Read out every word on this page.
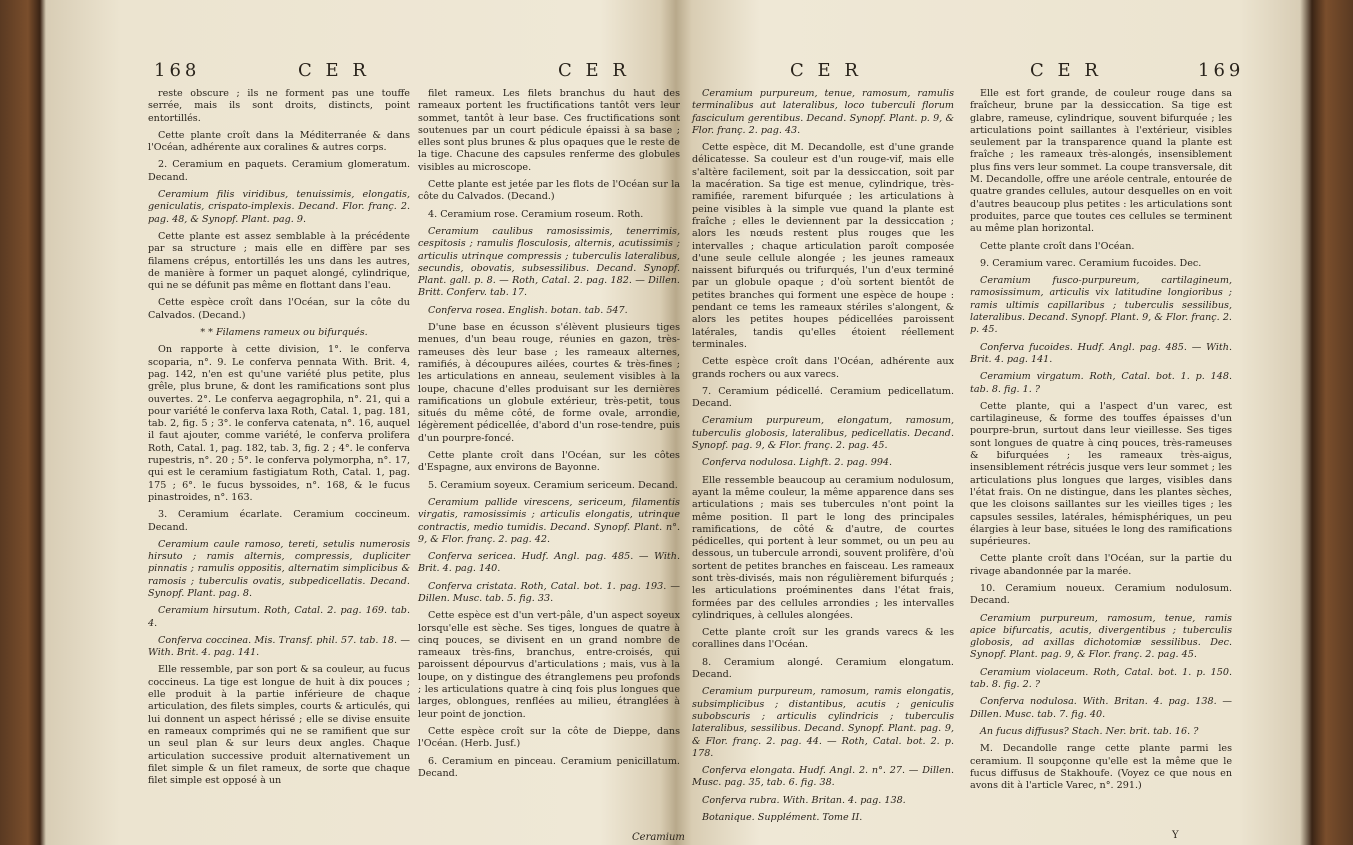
168	C E R	C E R

reste obscure ; ils ne forment pas une touffe serrée, mais ils sont droits, distincts, point entortillés.

Cette plante croît dans la Méditerranée & dans l'Océan, adhérente aux coralines & autres corps.

2. Ceramium en paquets. Ceramium glomeratum. Decand.

Ceramium filis viridibus, tenuissimis, elongatis, geniculatis, crispato-implexis. Decand. Flor. franç. 2. pag. 48, & Synopf. Plant. pag. 9.

Cette plante est assez semblable à la précédente par sa structure ; mais elle en diffère par ses filamens crépus, entortillés les uns dans les autres, de manière à former un paquet alongé, cylindrique, qui ne se défunit pas même en flottant dans l'eau.

Cette espèce croît dans l'Océan, sur la côte du Calvados. (Decand.)

* * Filamens rameux ou bifurqués.

On rapporte à cette division, 1°. le conferva scoparia, n°. 9. Le conferva pennata With. Brit. 4, pag. 142, n'en est qu'une variété plus petite, plus grêle, plus brune, & dont les ramifications sont plus ouvertes. 2°. Le conferva aegagrophila, n°. 21, qui a pour variété le conferva laxa Roth, Catal. 1, pag. 181, tab. 2, fig. 5 ; 3°. le conferva catenata, n°. 16, auquel il faut ajouter, comme variété, le conferva prolifera Roth, Catal. 1, pag. 182, tab. 3, fig. 2 ; 4°. le conferva rupestris, n°. 20 ; 5°. le conferva polymorpha, n°. 17, qui est le ceramium fastigiatum Roth, Catal. 1, pag. 175 ; 6°. le fucus byssoides, n°. 168, & le fucus pinastroides, n°. 163.

3. Ceramium écarlate. Ceramium coccineum. Decand.

Ceramium caule ramoso, tereti, setulis numerosis hirsuto ; ramis alternis, compressis, dupliciter pinnatis ; ramulis oppositis, alternatim simplicibus & ramosis ; tuberculis ovatis, subpedicellatis. Decand. Synopf. Plant. pag. 8.

Ceramium hirsutum. Roth, Catal. 2. pag. 169. tab. 4.

Conferva coccinea. Mis. Transf. phil. 57. tab. 18. — With. Brit. 4. pag. 141.

Elle ressemble, par son port & sa couleur, au fucus coccineus. La tige est longue de huit à dix pouces ; elle produit à la partie inférieure de chaque articulation, des filets simples, courts & articulés, qui lui donnent un aspect hérissé ; elle se divise ensuite en rameaux comprimés qui ne se ramifient que sur un seul plan & sur leurs deux angles. Chaque articulation successive produit alternativement un filet simple & un filet rameux, de sorte que chaque filet simple est opposé à un

filet rameux. Les filets branchus du haut des rameaux portent les fructifications tantôt vers leur sommet, tantôt à leur base. Ces fructifications sont soutenues par un court pédicule épaissi à sa base ; elles sont plus brunes & plus opaques que le reste de la tige. Chacune des capsules renferme des globules visibles au microscope.

Cette plante est jetée par les flots de l'Océan sur la côte du Calvados. (Decand.)

4. Ceramium rose. Ceramium roseum. Roth.

Ceramium caulibus ramosissimis, tenerrimis, cespitosis ; ramulis flosculosis, alternis, acutissimis ; articulis utrinque compressis ; tuberculis lateralibus, secundis, obovatis, subsessilibus. Decand. Synopf. Plant. gall. p. 8. — Roth, Catal. 2. pag. 182. — Dillen. Britt. Conferv. tab. 17.

Conferva rosea. English. botan. tab. 547.

D'une base en écusson s'élèvent plusieurs tiges menues, d'un beau rouge, réunies en gazon, très-rameuses dès leur base ; les rameaux alternes, ramifiés, à découpures ailées, courtes & très-fines ; les articulations en anneau, seulement visibles à la loupe, chacune d'elles produisant sur les dernières ramifications un globule extérieur, très-petit, tous situés du même côté, de forme ovale, arrondie, légèrement pédicellée, d'abord d'un rose-tendre, puis d'un pourpre-foncé.

Cette plante croît dans l'Océan, sur les côtes d'Espagne, aux environs de Bayonne.

5. Ceramium soyeux. Ceramium sericeum. Decand.

Ceramium pallide virescens, sericeum, filamentis virgatis, ramosissimis ; articulis elongatis, utrinque contractis, medio tumidis. Decand. Synopf. Plant. n°. 9, & Flor. franç. 2. pag. 42.

Conferva sericea. Hudf. Angl. pag. 485. — With. Brit. 4. pag. 140.

Conferva cristata. Roth, Catal. bot. 1. pag. 193. — Dillen. Musc. tab. 5. fig. 33.

Cette espèce est d'un vert-pâle, d'un aspect soyeux lorsqu'elle est sèche. Ses tiges, longues de quatre à cinq pouces, se divisent en un grand nombre de rameaux très-fins, branchus, entre-croisés, qui paroissent dépourvus d'articulations ; mais, vus à la loupe, on y distingue des étranglemens peu profonds ; les articulations quatre à cinq fois plus longues que larges, oblongues, renflées au milieu, étranglées à leur point de jonction.

Cette espèce croît sur la côte de Dieppe, dans l'Océan. (Herb. Jusf.)

6. Ceramium en pinceau. Ceramium penicillatum. Decand.

Ceramium
C E R	C E R	169

Ceramium purpureum, tenue, ramosum, ramulis terminalibus aut lateralibus, loco tuberculi florum fasciculum gerentibus. Decand. Synopf. Plant. p. 9, & Flor. franç. 2. pag. 43.

Cette espèce, dit M. Decandolle, est d'une grande délicatesse. Sa couleur est d'un rouge-vif, mais elle s'altère facilement, soit par la dessiccation, soit par la macération. Sa tige est menue, cylindrique, très-ramifiée, rarement bifurquée ; les articulations à peine visibles à la simple vue quand la plante est fraîche ; elles le deviennent par la dessiccation ; alors les nœuds restent plus rouges que les intervalles ; chaque articulation paroît composée d'une seule cellule alongée ; les jeunes rameaux naissent bifurqués ou trifurqués, l'un d'eux terminé par un globule opaque ; d'où sortent bientôt de petites branches qui forment une espèce de houpe : pendant ce tems les rameaux stériles s'alongent, & alors les petites houpes pédicellées paroissent latérales, tandis qu'elles étoient réellement terminales.

Cette espèce croît dans l'Océan, adhérente aux grands rochers ou aux varecs.

7. Ceramium pédicellé. Ceramium pedicellatum. Decand.

Ceramium purpureum, elongatum, ramosum, tuberculis globosis, lateralibus, pedicellatis. Decand. Synopf. pag. 9, & Flor. franç. 2. pag. 45.

Conferva nodulosa. Lighft. 2. pag. 994.

Elle ressemble beaucoup au ceramium nodulosum, ayant la même couleur, la même apparence dans ses articulations ; mais ses tubercules n'ont point la même position. Il part le long des principales ramifications, de côté & d'autre, de courtes pédicelles, qui portent à leur sommet, ou un peu au dessous, un tubercule arrondi, souvent prolifère, d'où sortent de petites branches en faisceau. Les rameaux sont très-divisés, mais non régulièrement bifurqués ; les articulations proéminentes dans l'état frais, formées par des cellules arrondies ; les intervalles cylindriques, à cellules alongées.

Cette plante croît sur les grands varecs & les corallines dans l'Océan.

8. Ceramium alongé. Ceramium elongatum. Decand.

Ceramium purpureum, ramosum, ramis elongatis, subsimplicibus ; distantibus, acutis ; geniculis subobscuris ; articulis cylindricis ; tuberculis lateralibus, sessilibus. Decand. Synopf. Plant. pag. 9, & Flor. franç. 2. pag. 44. — Roth, Catal. bot. 2. p. 178.

Conferva elongata. Hudf. Angl. 2. n°. 27. — Dillen. Musc. pag. 35, tab. 6. fig. 38.

Conferva rubra. With. Britan. 4. pag. 138.

Botanique. Supplément. Tome II.

Elle est fort grande, de couleur rouge dans sa fraîcheur, brune par la dessiccation. Sa tige est glabre, rameuse, cylindrique, souvent bifurquée ; les articulations point saillantes à l'extérieur, visibles seulement par la transparence quand la plante est fraîche ; les rameaux très-alongés, insensiblement plus fins vers leur sommet. La coupe transversale, dit M. Decandolle, offre une aréole centrale, entourée de quatre grandes cellules, autour desquelles on en voit d'autres beaucoup plus petites : les articulations sont produites, parce que toutes ces cellules se terminent au même plan horizontal.

Cette plante croît dans l'Océan.

9. Ceramium varec. Ceramium fucoides. Dec.

Ceramium fusco-purpureum, cartilagineum, ramosissimum, articulis vix latitudine longioribus ; ramis ultimis capillaribus ; tuberculis sessilibus, lateralibus. Decand. Synopf. Plant. 9, & Flor. franç. 2. p. 45.

Conferva fucoides. Hudf. Angl. pag. 485. — With. Brit. 4. pag. 141.

Ceramium virgatum. Roth, Catal. bot. 1. p. 148. tab. 8. fig. 1. ?

Cette plante, qui a l'aspect d'un varec, est cartilagineuse, & forme des touffes épaisses d'un pourpre-brun, surtout dans leur vieillesse. Ses tiges sont longues de quatre à cinq pouces, très-rameuses & bifurquées ; les rameaux très-aigus, insensiblement rétrécis jusque vers leur sommet ; les articulations plus longues que larges, visibles dans l'état frais. On ne distingue, dans les plantes sèches, que les cloisons saillantes sur les vieilles tiges ; les capsules sessiles, latérales, hémisphériques, un peu élargies à leur base, situées le long des ramifications supérieures.

Cette plante croît dans l'Océan, sur la partie du rivage abandonnée par la marée.

10. Ceramium noueux. Ceramium nodulosum. Decand.

Ceramium purpureum, ramosum, tenue, ramis apice bifurcatis, acutis, divergentibus ; tuberculis globosis, ad axillas dichotomiæ sessilibus. Dec. Synopf. Plant. pag. 9, & Flor. franç. 2. pag. 45.

Ceramium violaceum. Roth, Catal. bot. 1. p. 150. tab. 8. fig. 2. ?

Conferva nodulosa. With. Britan. 4. pag. 138. — Dillen. Musc. tab. 7. fig. 40.

An fucus diffusus? Stach. Ner. brit. tab. 16. ?

M. Decandolle range cette plante parmi les ceramium. Il soupçonne qu'elle est la même que le fucus diffusus de Stakhoufe. (Voyez ce que nous en avons dit à l'article Varec, n°. 291.)

Y
